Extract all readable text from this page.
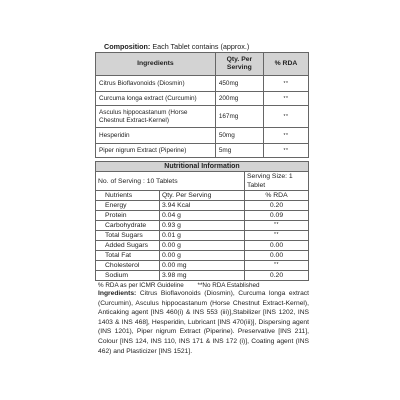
Composition: Each Tablet contains (approx.)
Ingredients	Qty. Per Serving	% RDA
Citrus Bioflavonoids (Diosmin)	450mg	**
Curcuma longa extract (Curcumin)	200mg	**
Asculus hippocastanum (Horse Chestnut Extract-Kernel)	167mg	**
Hesperidin	50mg	**
Piper nigrum Extract (Piperine)	5mg	**
Nutritional Information		
No. of Serving : 10 Tablets		Serving Size: 1 Tablet
Nutrients	Qty. Per Serving	% RDA
Energy	3.94 Kcal	0.20
Protein	0.04 g	0.09
Carbohydrate	0.93 g	**
Total Sugars	0.01 g	**
Added Sugars	0.00 g	0.00
Total Fat	0.00 g	0.00
Cholesterol	0.00 mg	**
Sodium	3.98 mg	0.20
% RDA as per ICMR Guideline **No RDA Established
Ingredients: Citrus Bioflavonoids (Diosmin), Curcuma longa extract (Curcumin), Asculus hippocastanum (Horse Chestnut Extract-Kernel), Anticaking agent [INS 460(i) & INS 553 (iii)],Stabilizer [INS 1202, INS 1403 & INS 468], Hesperidin, Lubricant [INS 470(iii)], Dispersing agent (INS 1201), Piper nigrum Extract (Piperine). Preservative [INS 211], Colour [INS 124, INS 110, INS 171 & INS 172 (i)], Coating agent (INS 462) and Plasticizer [INS 1521].
